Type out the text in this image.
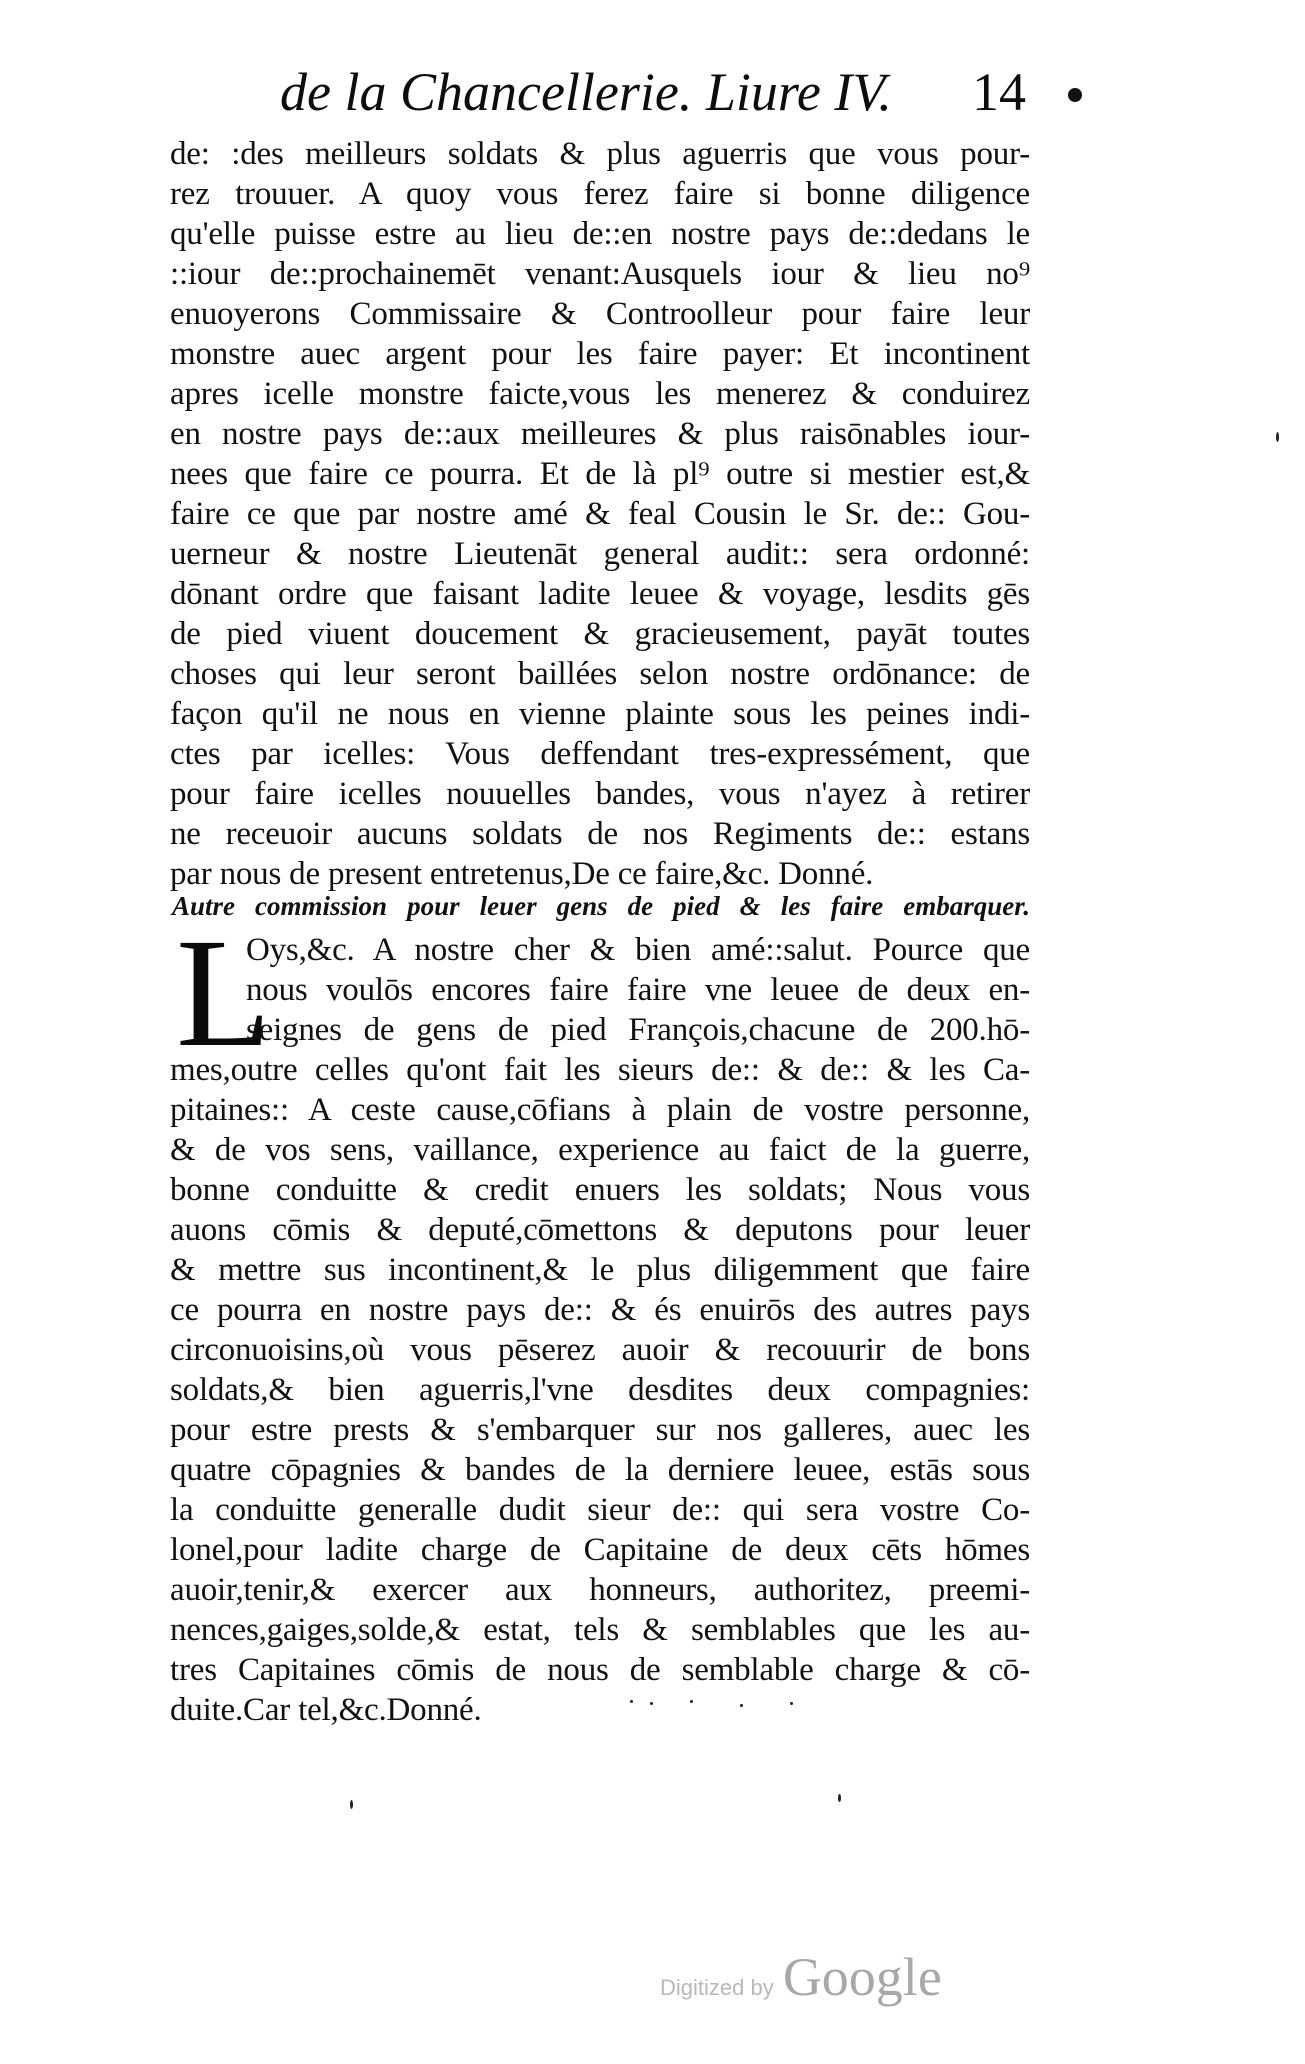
de la Chancellerie. Liure IV. 14
de: :des meilleurs soldats & plus aguerris que vous pour-
rez trouuer. A quoy vous ferez faire si bonne diligence
qu'elle puisse estre au lieu de::en nostre pays de::dedans le
::iour de::prochainemēt venant:Ausquels iour & lieu no⁹
enuoyerons Commissaire & Controolleur pour faire leur
monstre auec argent pour les faire payer: Et incontinent
apres icelle monstre faicte,vous les menerez & conduirez
en nostre pays de::aux meilleures & plus raisōnables iour-
nees que faire ce pourra. Et de là pl⁹ outre si mestier est,&
faire ce que par nostre amé & feal Cousin le Sr. de:: Gou-
uerneur & nostre Lieutenāt general audit:: sera ordonné:
dōnant ordre que faisant ladite leuee & voyage, lesdits gēs
de pied viuent doucement & gracieusement, payāt toutes
choses qui leur seront baillées selon nostre ordōnance: de
façon qu'il ne nous en vienne plainte sous les peines indi-
ctes par icelles: Vous deffendant tres-expressément, que
pour faire icelles nouuelles bandes, vous n'ayez à retirer
ne receuoir aucuns soldats de nos Regiments de:: estans
par nous de present entretenus,De ce faire,&c. Donné.
Autre commission pour leuer gens de pied & les faire embarquer.
L
Oys,&c. A nostre cher & bien amé::salut. Pource que
nous voulōs encores faire faire vne leuee de deux en-
seignes de gens de pied François,chacune de 200.hō-
mes,outre celles qu'ont fait les sieurs de:: & de:: & les Ca-
pitaines:: A ceste cause,cōfians à plain de vostre personne,
& de vos sens, vaillance, experience au faict de la guerre,
bonne conduitte & credit enuers les soldats; Nous vous
auons cōmis & deputé,cōmettons & deputons pour leuer
& mettre sus incontinent,& le plus diligemment que faire
ce pourra en nostre pays de:: & és enuirōs des autres pays
circonuoisins,où vous pēserez auoir & recouurir de bons
soldats,& bien aguerris,l'vne desdites deux compagnies:
pour estre prests & s'embarquer sur nos galleres, auec les
quatre cōpagnies & bandes de la derniere leuee, estās sous
la conduitte generalle dudit sieur de:: qui sera vostre Co-
lonel,pour ladite charge de Capitaine de deux cēts hōmes
auoir,tenir,& exercer aux honneurs, authoritez, preemi-
nences,gaiges,solde,& estat, tels & semblables que les au-
tres Capitaines cōmis de nous de semblable charge & cō-
duite.Car tel,&c.Donné.
Digitized by Google
